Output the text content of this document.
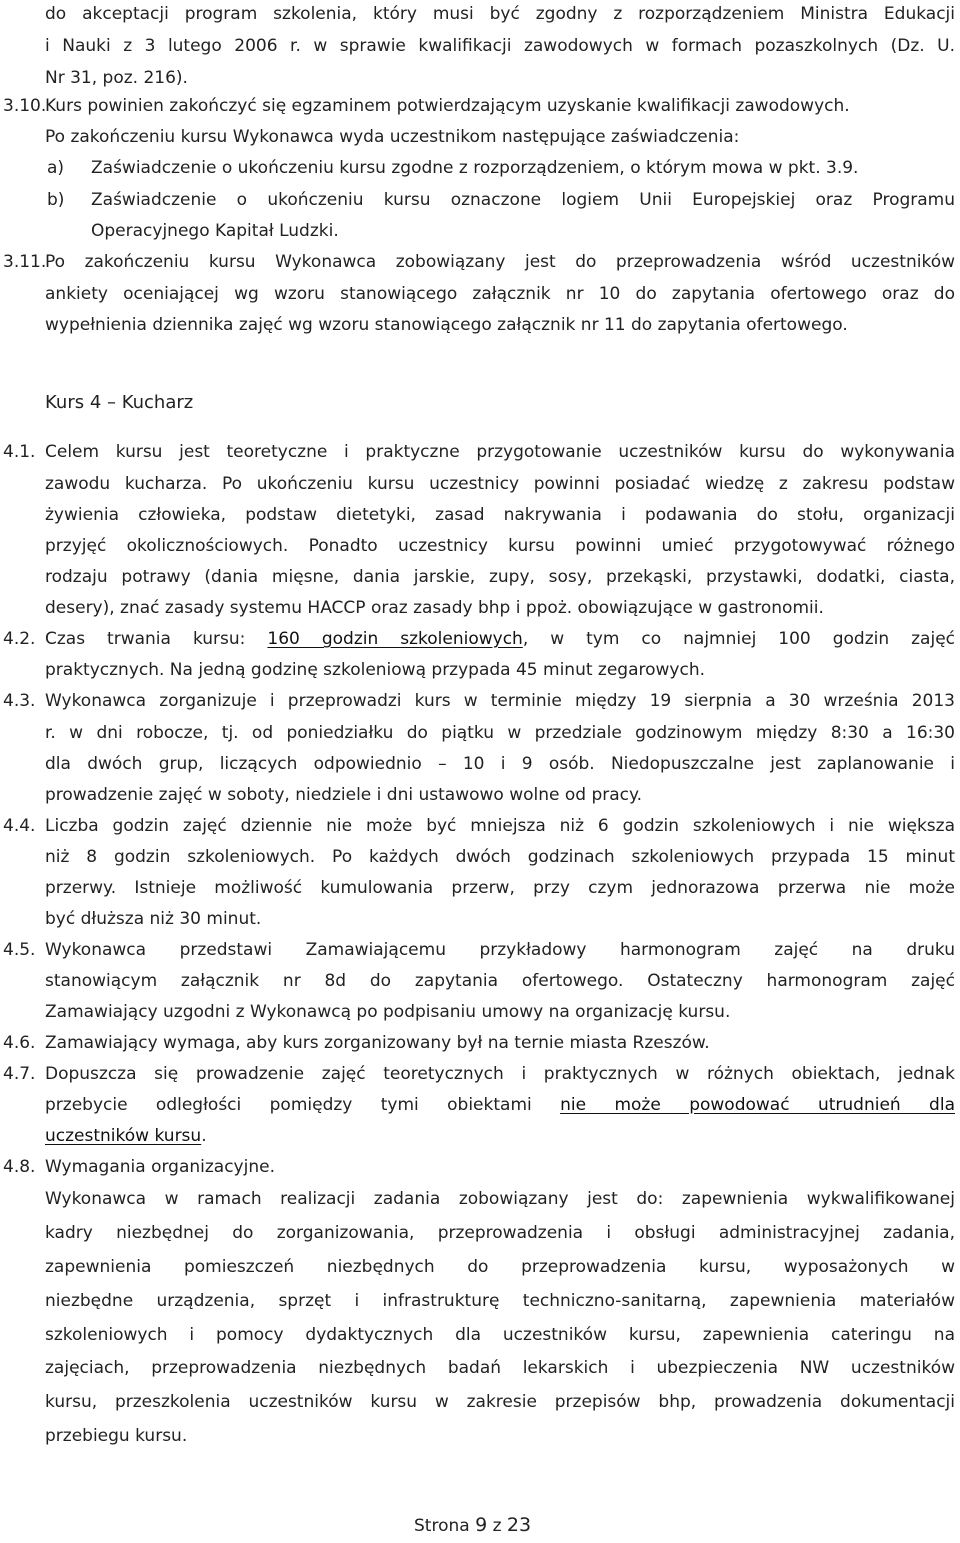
do akceptacji program szkolenia, który musi być zgodny z rozporządzeniem Ministra Edukacji
i Nauki z 3 lutego 2006 r. w sprawie kwalifikacji zawodowych w formach pozaszkolnych (Dz. U.
Nr 31, poz. 216).
3.10.
Kurs powinien zakończyć się egzaminem potwierdzającym uzyskanie kwalifikacji zawodowych.
Po zakończeniu kursu Wykonawca wyda uczestnikom następujące zaświadczenia:
a) Zaświadczenie o ukończeniu kursu zgodne z rozporządzeniem, o którym mowa w pkt. 3.9.
b) Zaświadczenie o ukończeniu kursu oznaczone logiem Unii Europejskiej oraz Programu
Operacyjnego Kapitał Ludzki.
3.11.
Po zakończeniu kursu Wykonawca zobowiązany jest do przeprowadzenia wśród uczestników
ankiety oceniającej wg wzoru stanowiącego załącznik nr 10 do zapytania ofertowego oraz do
wypełnienia dziennika zajęć wg wzoru stanowiącego załącznik nr 11 do zapytania ofertowego.
Kurs 4 – Kucharz
4.1. Celem kursu jest teoretyczne i praktyczne przygotowanie uczestników kursu do wykonywania
zawodu kucharza. Po ukończeniu kursu uczestnicy powinni posiadać wiedzę z zakresu podstaw
żywienia człowieka, podstaw dietetyki, zasad nakrywania i podawania do stołu, organizacji
przyjęć okolicznościowych. Ponadto uczestnicy kursu powinni umieć przygotowywać różnego
rodzaju potrawy (dania mięsne, dania jarskie, zupy, sosy, przekąski, przystawki, dodatki, ciasta,
desery), znać zasady systemu HACCP oraz zasady bhp i ppoż. obowiązujące w gastronomii.
4.2. Czas trwania kursu: 160 godzin szkoleniowych, w tym co najmniej 100 godzin zajęć
praktycznych. Na jedną godzinę szkoleniową przypada 45 minut zegarowych.
4.3. Wykonawca zorganizuje i przeprowadzi kurs w terminie między 19 sierpnia a 30 września 2013
r. w dni robocze, tj. od poniedziałku do piątku w przedziale godzinowym między 8:30 a 16:30
dla dwóch grup, liczących odpowiednio – 10 i 9 osób. Niedopuszczalne jest zaplanowanie i
prowadzenie zajęć w soboty, niedziele i dni ustawowo wolne od pracy.
4.4. Liczba godzin zajęć dziennie nie może być mniejsza niż 6 godzin szkoleniowych i nie większa
niż 8 godzin szkoleniowych. Po każdych dwóch godzinach szkoleniowych przypada 15 minut
przerwy. Istnieje możliwość kumulowania przerw, przy czym jednorazowa przerwa nie może
być dłuższa niż 30 minut.
4.5. Wykonawca przedstawi Zamawiającemu przykładowy harmonogram zajęć na druku
stanowiącym załącznik nr 8d do zapytania ofertowego. Ostateczny harmonogram zajęć
Zamawiający uzgodni z Wykonawcą po podpisaniu umowy na organizację kursu.
4.6. Zamawiający wymaga, aby kurs zorganizowany był na ternie miasta Rzeszów.
4.7. Dopuszcza się prowadzenie zajęć teoretycznych i praktycznych w różnych obiektach, jednak
przebycie odległości pomiędzy tymi obiektami nie może powodować utrudnień dla
uczestników kursu.
4.8. Wymagania organizacyjne.
Wykonawca w ramach realizacji zadania zobowiązany jest do: zapewnienia wykwalifikowanej
kadry niezbędnej do zorganizowania, przeprowadzenia i obsługi administracyjnej zadania,
zapewnienia pomieszczeń niezbędnych do przeprowadzenia kursu, wyposażonych w
niezbędne urządzenia, sprzęt i infrastrukturę techniczno-sanitarną, zapewnienia materiałów
szkoleniowych i pomocy dydaktycznych dla uczestników kursu, zapewnienia cateringu na
zajęciach, przeprowadzenia niezbędnych badań lekarskich i ubezpieczenia NW uczestników
kursu, przeszkolenia uczestników kursu w zakresie przepisów bhp, prowadzenia dokumentacji
przebiegu kursu.
Strona 9 z 23
